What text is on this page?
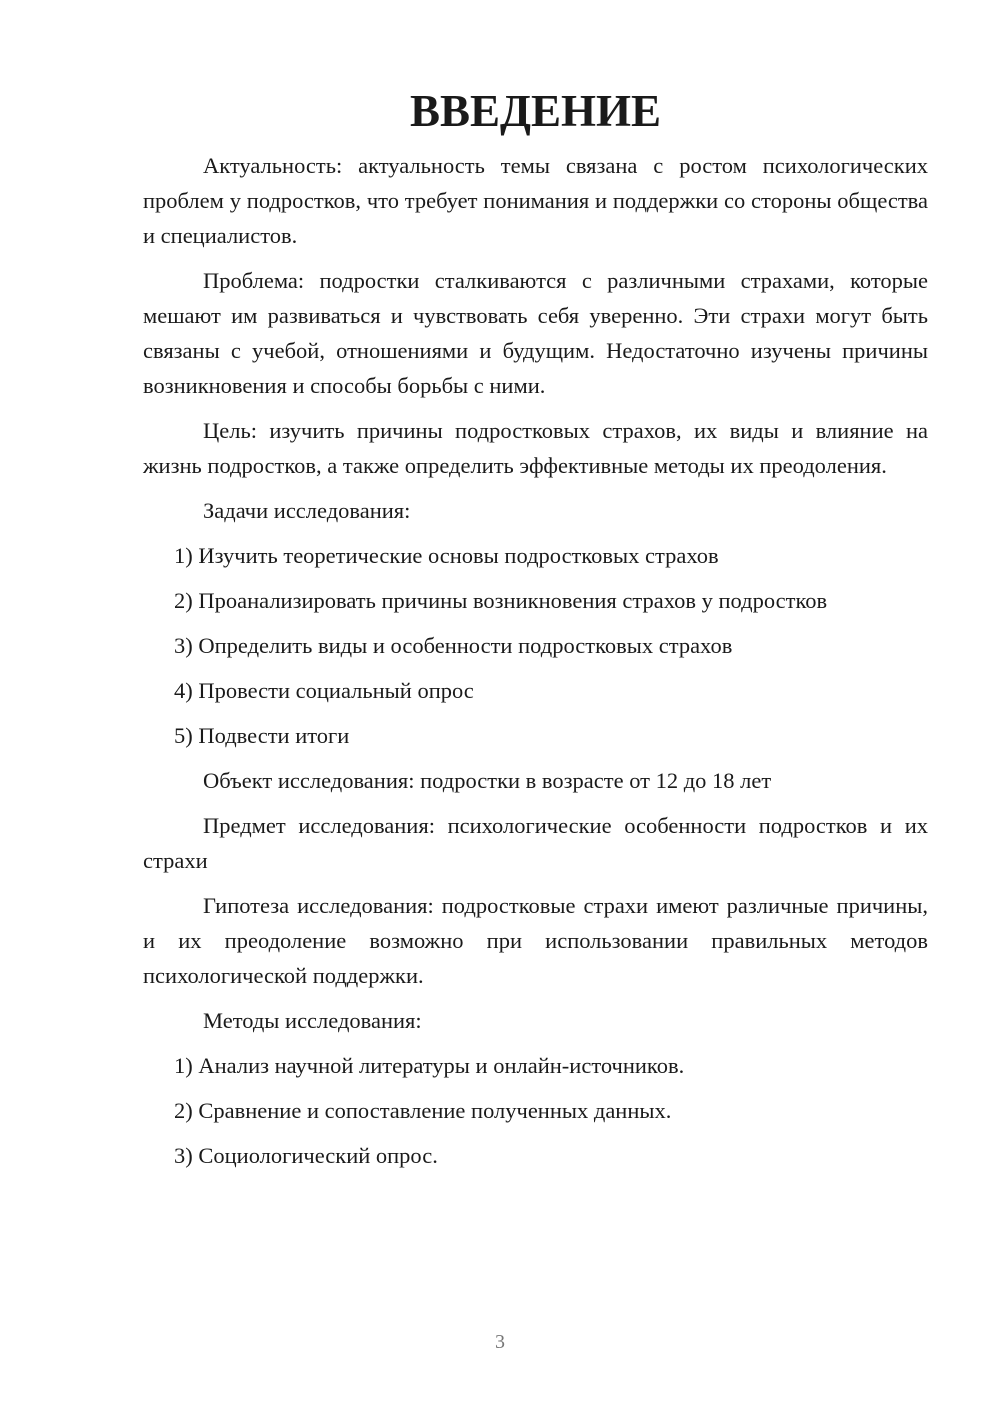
ВВЕДЕНИЕ

Актуальность: актуальность темы связана с ростом психологических проблем у подростков, что требует понимания и поддержки со стороны общества и специалистов.

Проблема: подростки сталкиваются с различными страхами, которые мешают им развиваться и чувствовать себя уверенно. Эти страхи могут быть связаны с учебой, отношениями и будущим. Недостаточно изучены причины возникновения и способы борьбы с ними.

Цель: изучить причины подростковых страхов, их виды и влияние на жизнь подростков, а также определить эффективные методы их преодоления.

Задачи исследования:

1) Изучить теоретические основы подростковых страхов
2) Проанализировать причины возникновения страхов у подростков
3) Определить виды и особенности подростковых страхов
4) Провести социальный опрос
5) Подвести итоги

Объект исследования: подростки в возрасте от 12 до 18 лет

Предмет исследования: психологические особенности подростков и их страхи

Гипотеза исследования: подростковые страхи имеют различные причины, и их преодоление возможно при использовании правильных методов психологической поддержки.

Методы исследования:

1) Анализ научной литературы и онлайн-источников.
2) Сравнение и сопоставление полученных данных.
3) Социологический опрос.
3
